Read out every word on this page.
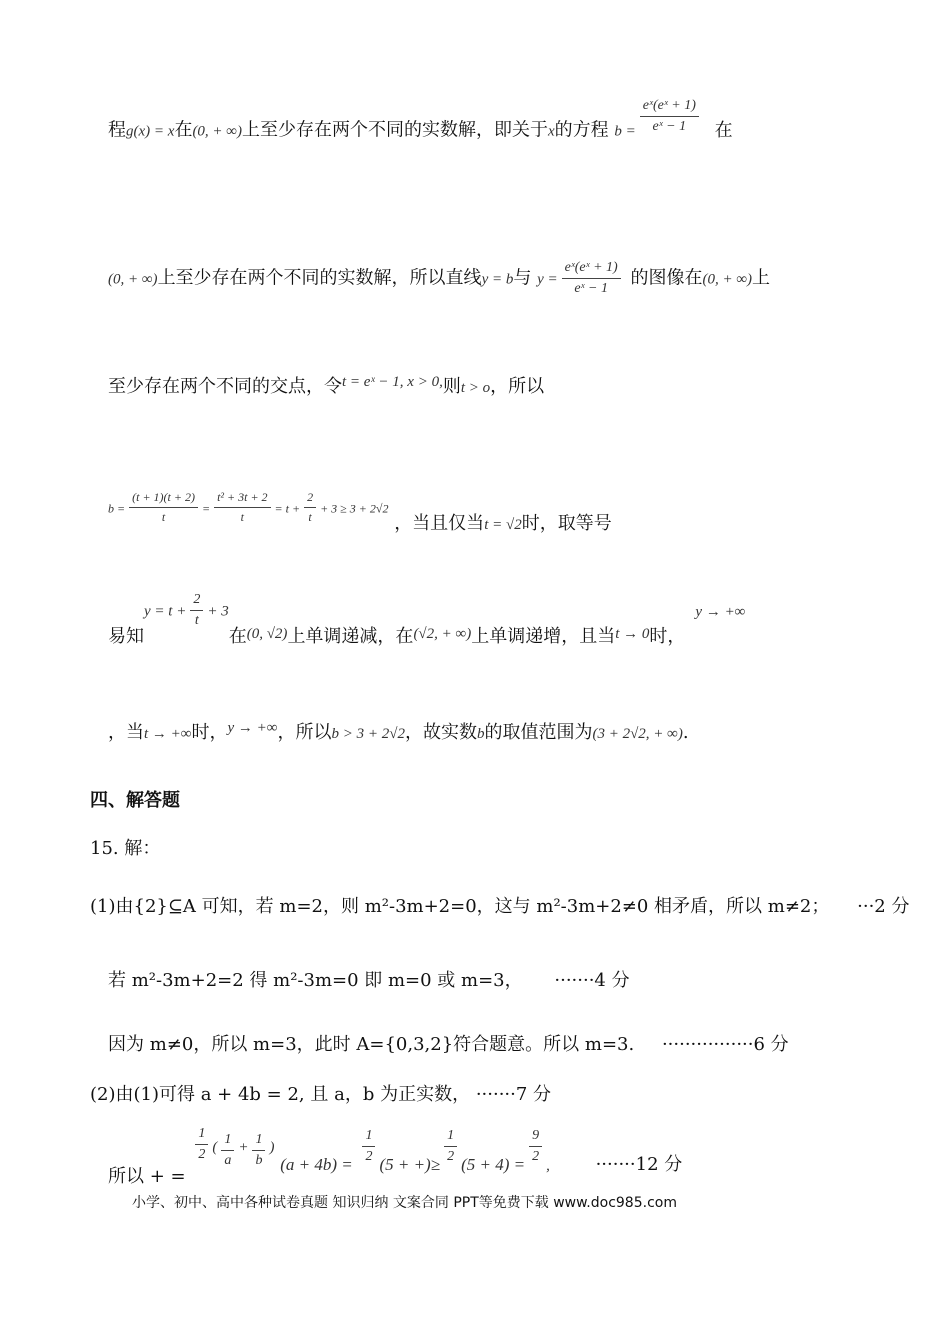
程g(x) = x在(0, + ∞)上至少存在两个不同的实数解，即关于x的方程 $b = \frac{\text{eˣ(eˣ + 1)}}{\text{eˣ − 1}}$ 在
(0, + ∞)上至少存在两个不同的实数解，所以直线y = b与 $y = \frac{\text{eˣ(eˣ + 1)}}{\text{eˣ − 1}}$ 的图像在(0, + ∞)上
至少存在两个不同的交点，令$^{t = eˣ - 1, x > 0,}$则t > o，所以
$b = \frac{(t + 1)(t + 2)}{t} = \frac{\text{t² + 3t + 2}}{t} = t + \frac{2}{t} + 3 \ge 3 + 2√2$ ，当且仅当$_{t = √2}$时，取等号
易知$y = t + \frac{2}{t} + 3$在$_{(0, √2)}$上单调递减，在$_{(√2, + \infty)}$上单调递增，且当$_{t \to 0}$时，y → +∞
，当t → +∞时，$^{y \to +\infty}$，所以b > 3 + 2√2，故实数b的取值范围为(3 + 2√2, + ∞).
四、解答题
15. 解：
(1)由{2}⊆A 可知，若 m=2，则 m²-3m+2=0，这与 m²-3m+2≠0 相矛盾，所以 m≠2； ···2 分
若 m²-3m+2=2 得 m²-3m=0 即 m=0 或 m=3， ·······4 分
因为 m≠0，所以 m=3，此时 A={0,3,2}符合题意。所以 m=3. ················6 分
(2)由(1)可得 a + 4b = 2, 且 a，b 为正实数， ·······7 分
所以 + =
$\frac{1}{2}$ ( $\frac{1}{a} + \frac{1}{b}$ ) $(a + 4b) = \frac{1}{2} (5$ + +)≥ $\frac{1}{2} (5 + 4) = \frac{9}{2}$
$_,$	·······12 分
小学、初中、高中各种试卷真题 知识归纳 文案合同 PPT等免费下载 www.doc985.com
